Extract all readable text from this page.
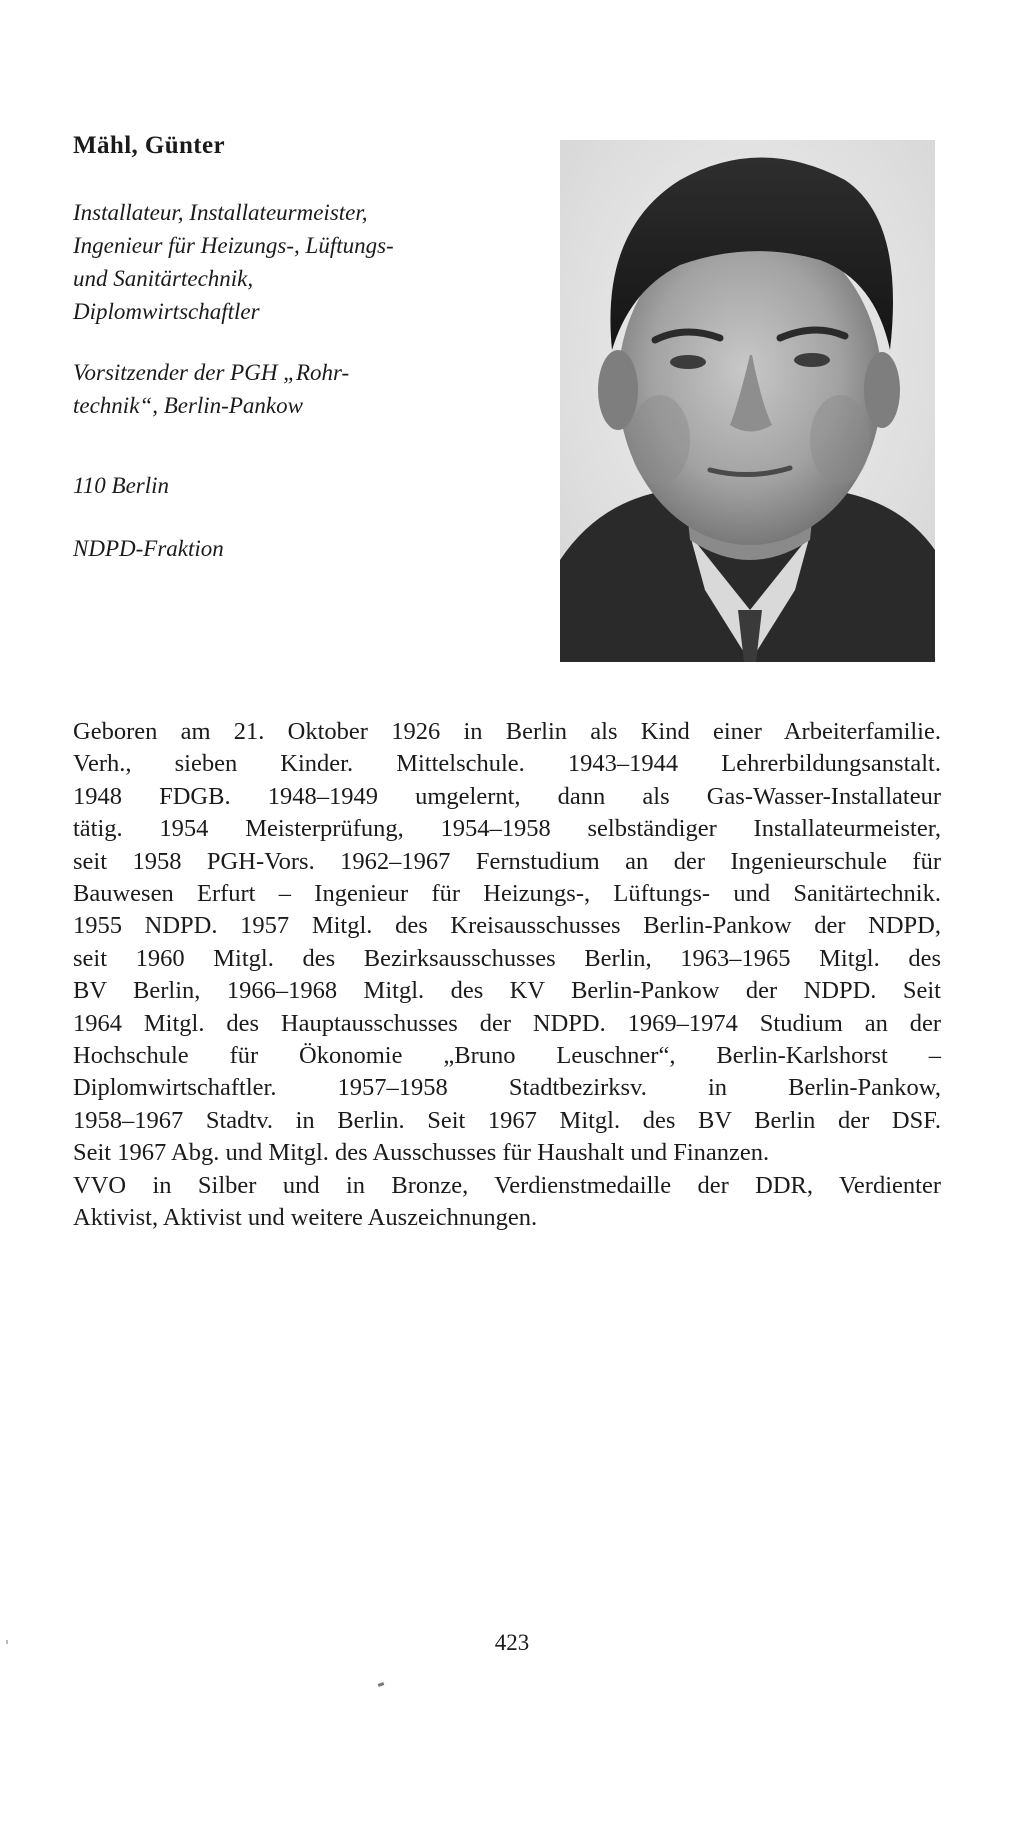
Mähl, Günter
Installateur, Installateurmeister,
Ingenieur für Heizungs-, Lüftungs-
und Sanitärtechnik,
Diplomwirtschaftler
Vorsitzender der PGH „Rohr-
technik“, Berlin-Pankow
110 Berlin
NDPD-Fraktion
Geboren am 21. Oktober 1926 in Berlin als Kind einer Arbeiterfamilie.
Verh., sieben Kinder. Mittelschule. 1943–1944 Lehrerbildungsanstalt.
1948 FDGB. 1948–1949 umgelernt, dann als Gas-Wasser-Installateur
tätig. 1954 Meisterprüfung, 1954–1958 selbständiger Installateurmeister,
seit 1958 PGH-Vors. 1962–1967 Fernstudium an der Ingenieurschule für
Bauwesen Erfurt – Ingenieur für Heizungs-, Lüftungs- und Sanitärtechnik.
1955 NDPD. 1957 Mitgl. des Kreisausschusses Berlin-Pankow der NDPD,
seit 1960 Mitgl. des Bezirksausschusses Berlin, 1963–1965 Mitgl. des
BV Berlin, 1966–1968 Mitgl. des KV Berlin-Pankow der NDPD. Seit
1964 Mitgl. des Hauptausschusses der NDPD. 1969–1974 Studium an der
Hochschule für Ökonomie „Bruno Leuschner“, Berlin-Karlshorst –
Diplomwirtschaftler. 1957–1958 Stadtbezirksv. in Berlin-Pankow,
1958–1967 Stadtv. in Berlin. Seit 1967 Mitgl. des BV Berlin der DSF.
Seit 1967 Abg. und Mitgl. des Ausschusses für Haushalt und Finanzen.
VVO in Silber und in Bronze, Verdienstmedaille der DDR, Verdienter
Aktivist, Aktivist und weitere Auszeichnungen.
423
